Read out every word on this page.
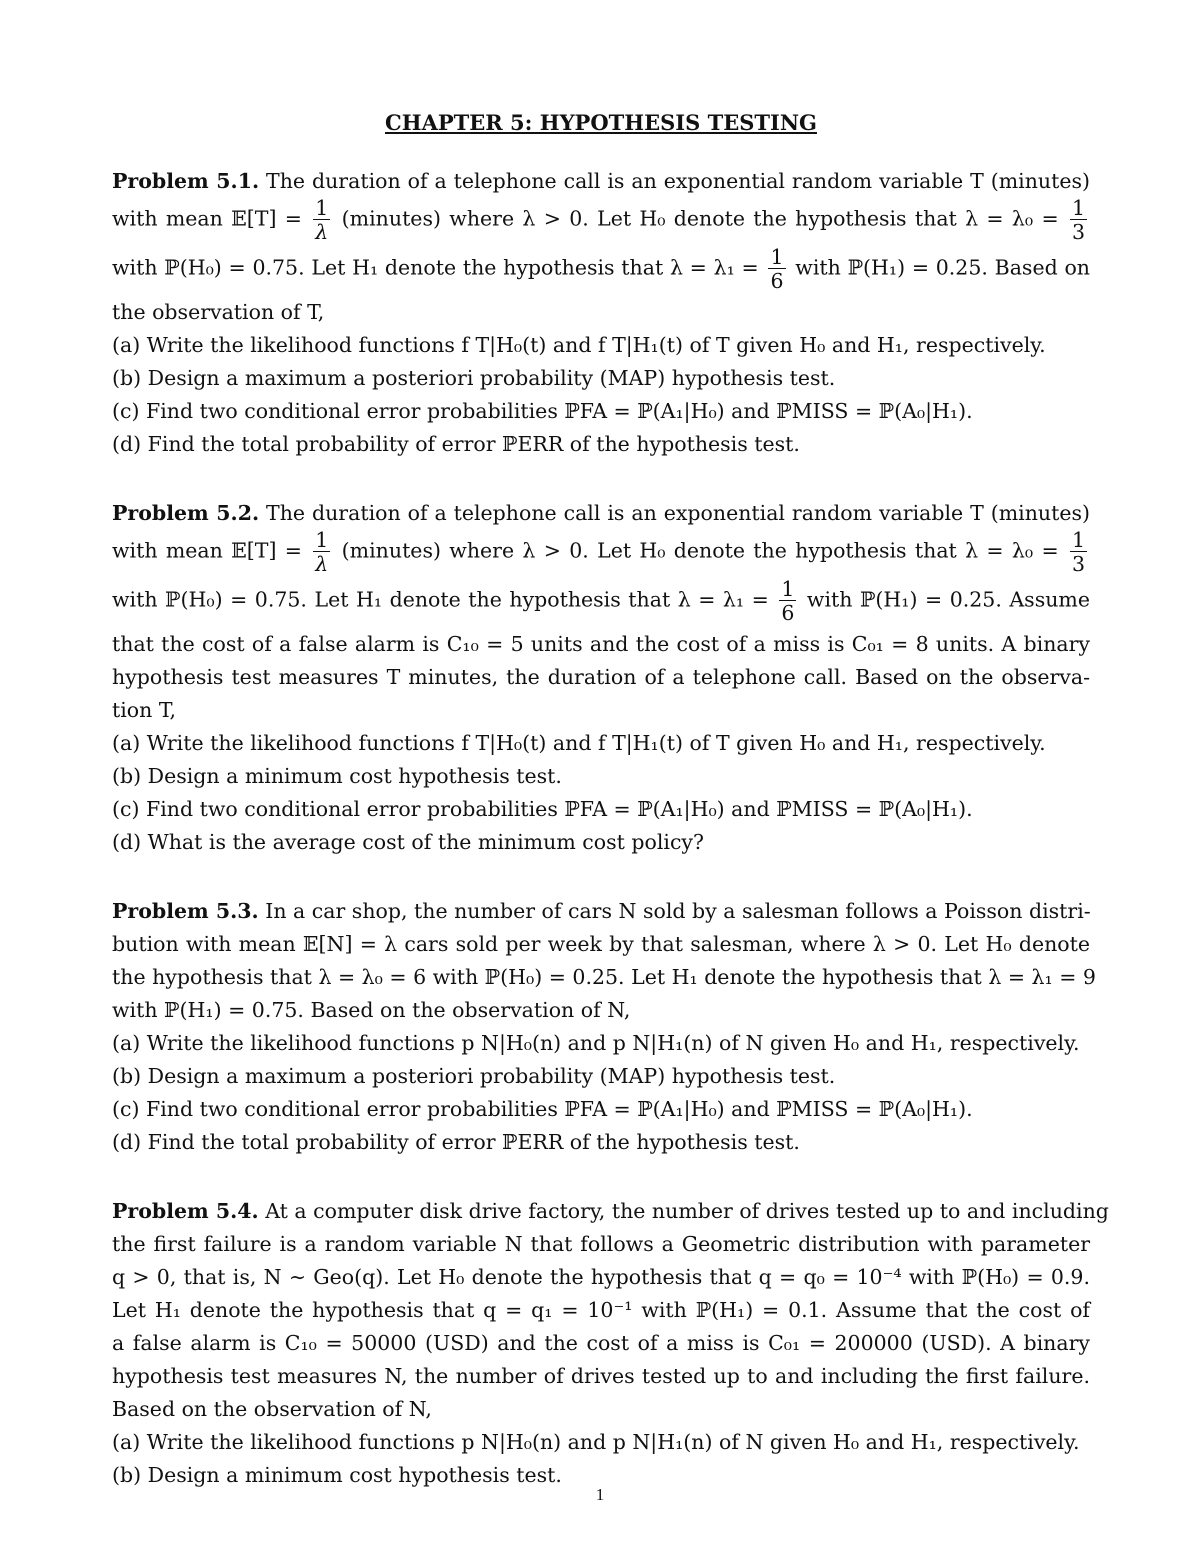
CHAPTER 5: HYPOTHESIS TESTING
Problem 5.1. The duration of a telephone call is an exponential random variable T (minutes)
with mean 𝔼[T] = $\frac{1}{\lambda}$ (minutes) where λ > 0. Let H₀ denote the hypothesis that $\lambda = \lambda_0 = \frac{1}{3}$
with ℙ(H₀) = 0.75. Let H₁ denote the hypothesis that $\lambda = \lambda_1 = \frac{1}{6}$ with ℙ(H₁) = 0.25. Based on
the observation of T,
(a) Write the likelihood functions f T|H₀(t) and f T|H₁(t) of T given H₀ and H₁, respectively.
(b) Design a maximum a posteriori probability (MAP) hypothesis test.
(c) Find two conditional error probabilities ℙFA = ℙ(A₁|H₀) and ℙMISS = ℙ(A₀|H₁).
(d) Find the total probability of error ℙERR of the hypothesis test.
Problem 5.2. The duration of a telephone call is an exponential random variable T (minutes)
with mean 𝔼[T] = $\frac{1}{\lambda}$ (minutes) where λ > 0. Let H₀ denote the hypothesis that $\lambda = \lambda_0 = \frac{1}{3}$
with ℙ(H₀) = 0.75. Let H₁ denote the hypothesis that $\lambda = \lambda_1 = \frac{1}{6}$ with ℙ(H₁) = 0.25. Assume
that the cost of a false alarm is C₁₀ = 5 units and the cost of a miss is C₀₁ = 8 units. A binary
hypothesis test measures T minutes, the duration of a telephone call. Based on the observa-
tion T,
(a) Write the likelihood functions f T|H₀(t) and f T|H₁(t) of T given H₀ and H₁, respectively.
(b) Design a minimum cost hypothesis test.
(c) Find two conditional error probabilities ℙFA = ℙ(A₁|H₀) and ℙMISS = ℙ(A₀|H₁).
(d) What is the average cost of the minimum cost policy?
Problem 5.3. In a car shop, the number of cars N sold by a salesman follows a Poisson distri-
bution with mean 𝔼[N] = λ cars sold per week by that salesman, where λ > 0. Let H₀ denote
the hypothesis that λ = λ₀ = 6 with ℙ(H₀) = 0.25. Let H₁ denote the hypothesis that λ = λ₁ = 9
with ℙ(H₁) = 0.75. Based on the observation of N,
(a) Write the likelihood functions p N|H₀(n) and p N|H₁(n) of N given H₀ and H₁, respectively.
(b) Design a maximum a posteriori probability (MAP) hypothesis test.
(c) Find two conditional error probabilities ℙFA = ℙ(A₁|H₀) and ℙMISS = ℙ(A₀|H₁).
(d) Find the total probability of error ℙERR of the hypothesis test.
Problem 5.4. At a computer disk drive factory, the number of drives tested up to and including
the first failure is a random variable N that follows a Geometric distribution with parameter
q > 0, that is, N ∼ Geo(q). Let H₀ denote the hypothesis that q = q₀ = 10⁻⁴ with ℙ(H₀) = 0.9.
Let H₁ denote the hypothesis that q = q₁ = 10⁻¹ with ℙ(H₁) = 0.1. Assume that the cost of
a false alarm is C₁₀ = 50000 (USD) and the cost of a miss is C₀₁ = 200000 (USD). A binary
hypothesis test measures N, the number of drives tested up to and including the first failure.
Based on the observation of N,
(a) Write the likelihood functions p N|H₀(n) and p N|H₁(n) of N given H₀ and H₁, respectively.
(b) Design a minimum cost hypothesis test.
1
